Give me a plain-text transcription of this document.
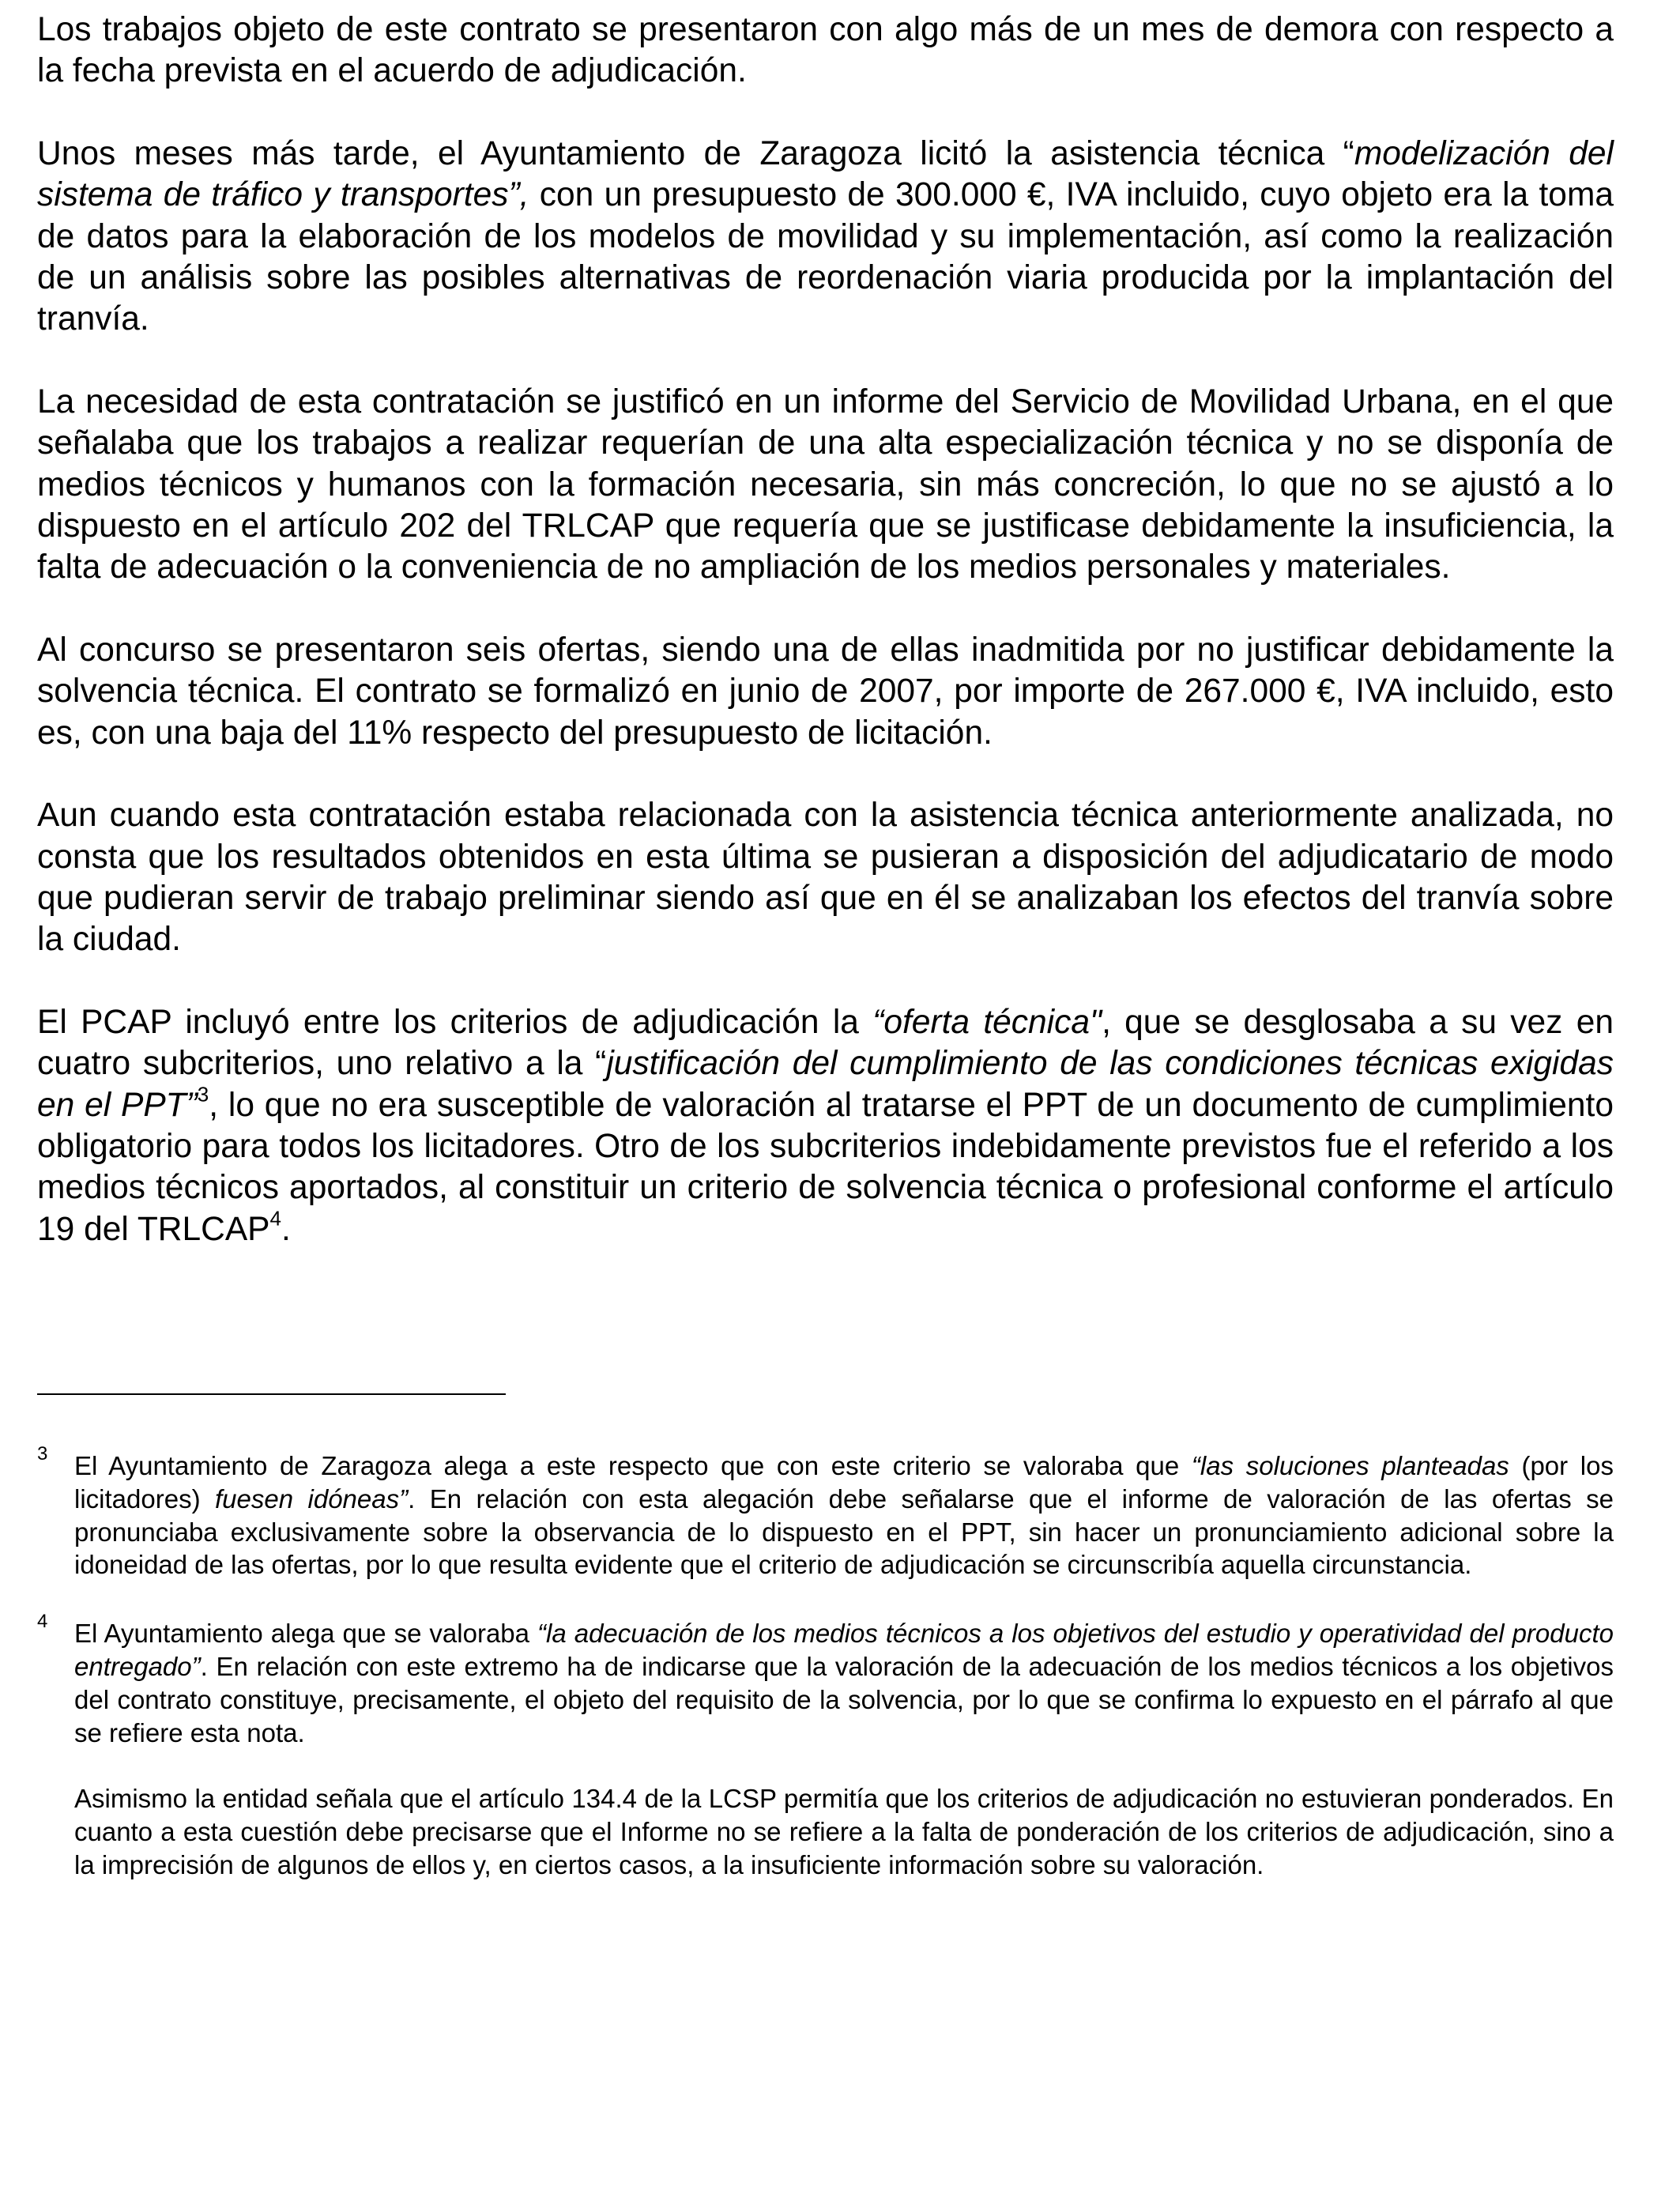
Los trabajos objeto de este contrato se presentaron con algo más de un mes de demora con respecto a la fecha prevista en el acuerdo de adjudicación.

Unos meses más tarde, el Ayuntamiento de Zaragoza licitó la asistencia técnica “modelización del sistema de tráfico y transportes”, con un presupuesto de 300.000 €, IVA incluido, cuyo objeto era la toma de datos para la elaboración de los modelos de movilidad y su implementación, así como la realización de un análisis sobre las posibles alternativas de reordenación viaria producida por la implantación del tranvía.

La necesidad de esta contratación se justificó en un informe del Servicio de Movilidad Urbana, en el que señalaba que los trabajos a realizar requerían de una alta especialización técnica y no se disponía de medios técnicos y humanos con la formación necesaria, sin más concreción, lo que no se ajustó a lo dispuesto en el artículo 202 del TRLCAP que requería que se justificase debidamente la insuficiencia, la falta de adecuación o la conveniencia de no ampliación de los medios personales y materiales.

Al concurso se presentaron seis ofertas, siendo una de ellas inadmitida por no justificar debidamente la solvencia técnica. El contrato se formalizó en junio de 2007, por importe de 267.000 €, IVA incluido, esto es, con una baja del 11% respecto del presupuesto de licitación.

Aun cuando esta contratación estaba relacionada con la asistencia técnica anteriormente analizada, no consta que los resultados obtenidos en esta última se pusieran a disposición del adjudicatario de modo que pudieran servir de trabajo preliminar siendo así que en él se analizaban los efectos del tranvía sobre la ciudad.

El PCAP incluyó entre los criterios de adjudicación la “oferta técnica", que se desglosaba a su vez en cuatro subcriterios, uno relativo a la “justificación del cumplimiento de las condiciones técnicas exigidas en el PPT”$^3$, lo que no era susceptible de valoración al tratarse el PPT de un documento de cumplimiento obligatorio para todos los licitadores. Otro de los subcriterios indebidamente previstos fue el referido a los medios técnicos aportados, al constituir un criterio de solvencia técnica o profesional conforme el artículo 19 del TRLCAP$^4$.

3 El Ayuntamiento de Zaragoza alega a este respecto que con este criterio se valoraba que “las soluciones planteadas (por los licitadores) fuesen idóneas”. En relación con esta alegación debe señalarse que el informe de valoración de las ofertas se pronunciaba exclusivamente sobre la observancia de lo dispuesto en el PPT, sin hacer un pronunciamiento adicional sobre la idoneidad de las ofertas, por lo que resulta evidente que el criterio de adjudicación se circunscribía aquella circunstancia.

4 El Ayuntamiento alega que se valoraba “la adecuación de los medios técnicos a los objetivos del estudio y operatividad del producto entregado”. En relación con este extremo ha de indicarse que la valoración de la adecuación de los medios técnicos a los objetivos del contrato constituye, precisamente, el objeto del requisito de la solvencia, por lo que se confirma lo expuesto en el párrafo al que se refiere esta nota.

Asimismo la entidad señala que el artículo 134.4 de la LCSP permitía que los criterios de adjudicación no estuvieran ponderados. En cuanto a esta cuestión debe precisarse que el Informe no se refiere a la falta de ponderación de los criterios de adjudicación, sino a la imprecisión de algunos de ellos y, en ciertos casos, a la insuficiente información sobre su valoración.
